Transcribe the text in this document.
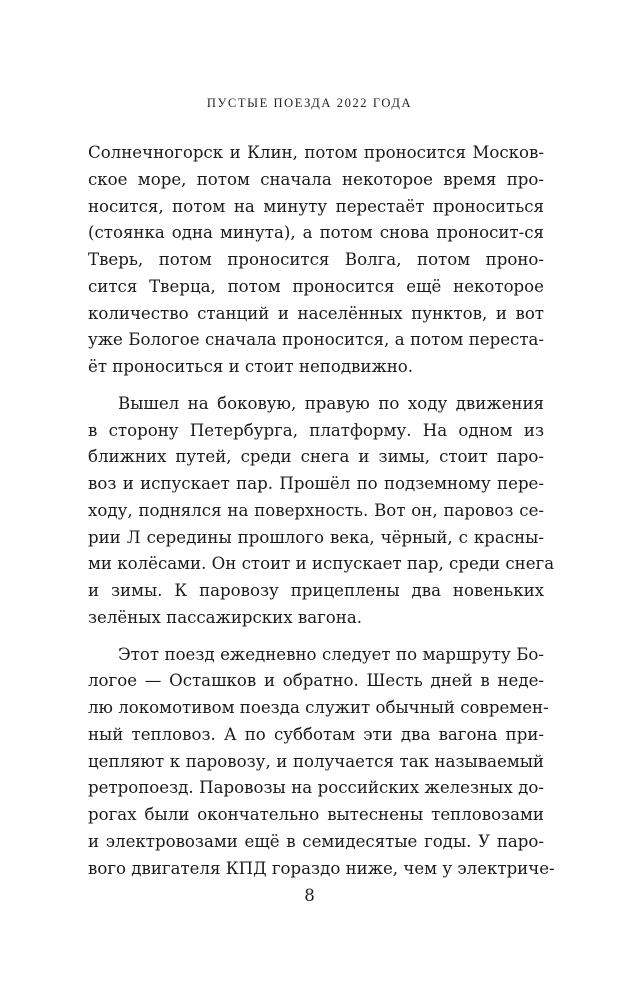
ПУСТЫЕ ПОЕЗДА 2022 ГОДА
Солнечногорск и Клин, потом проносится Москов-
ское море, потом сначала некоторое время про-
носится, потом на минуту перестаёт проноситься
(стоянка одна минута), а потом снова проносит-ся
Тверь, потом проносится Волга, потом проно-
сится Тверца, потом проносится ещё некоторое
количество станций и населённых пунктов, и вот
уже Бологое сначала проносится, а потом переста-
ёт проноситься и стоит неподвижно.
Вышел на боковую, правую по ходу движения
в сторону Петербурга, платформу. На одном из
ближних путей, среди снега и зимы, стоит паро-
воз и испускает пар. Прошёл по подземному пере-
ходу, поднялся на поверхность. Вот он, паровоз се-
рии Л середины прошлого века, чёрный, с красны-
ми колёсами. Он стоит и испускает пар, среди снега
и зимы. К паровозу прицеплены два новеньких
зелёных пассажирских вагона.
Этот поезд ежедневно следует по маршруту Бо-
логое — Осташков и обратно. Шесть дней в неде-
лю локомотивом поезда служит обычный современ-
ный тепловоз. А по субботам эти два вагона при-
цепляют к паровозу, и получается так называемый
ретропоезд. Паровозы на российских железных до-
рогах были окончательно вытеснены тепловозами
и электровозами ещё в семидесятые годы. У паро-
вого двигателя КПД гораздо ниже, чем у электриче-
8
